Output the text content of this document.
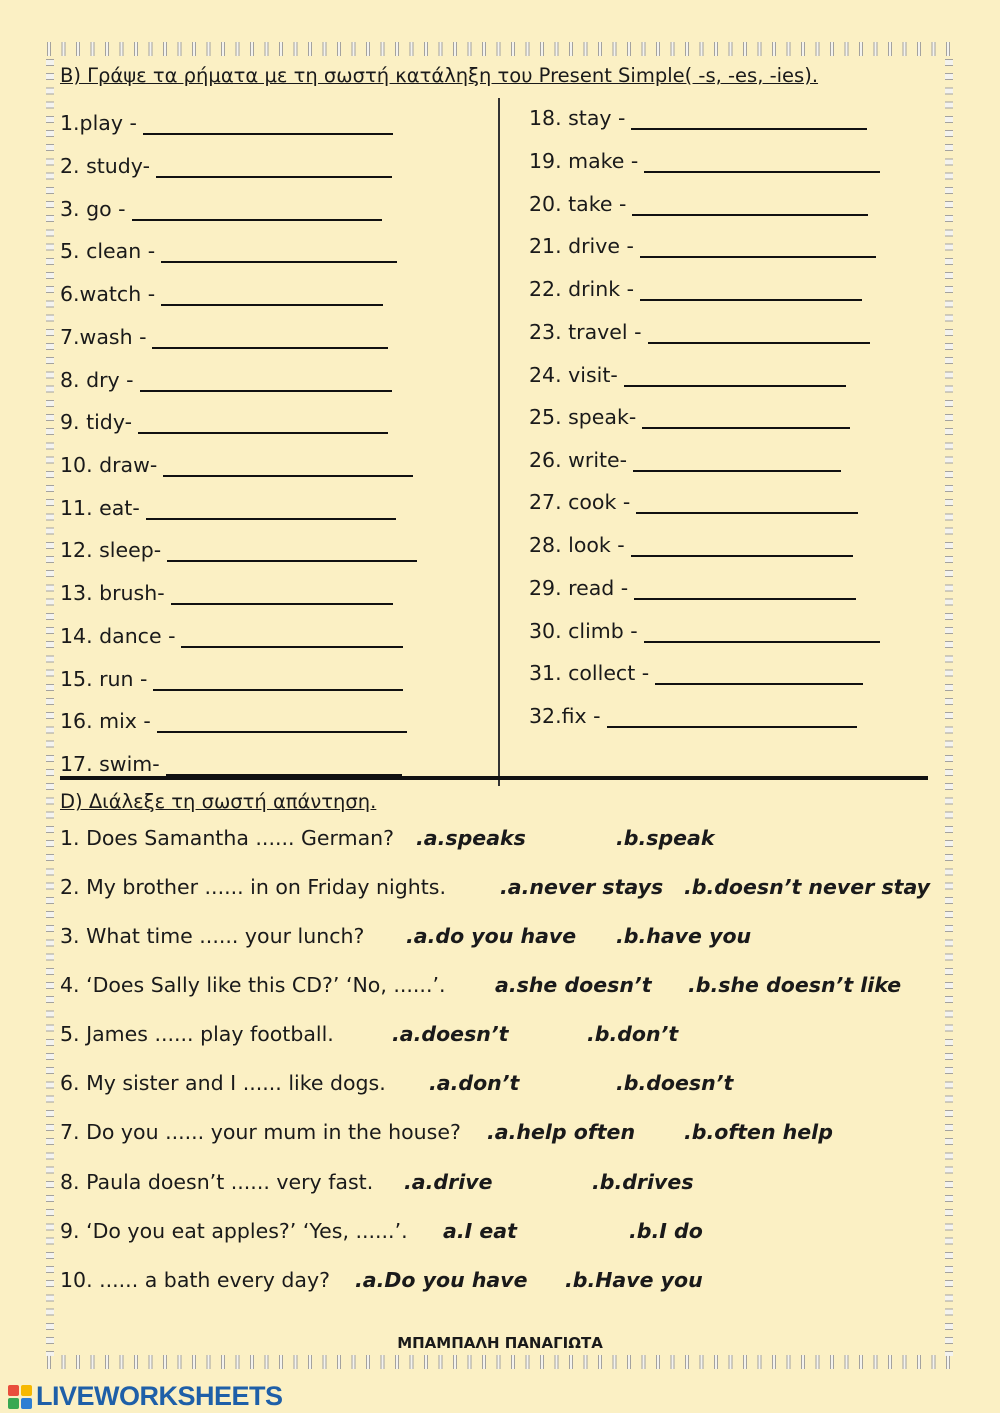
B) Γράψε τα ρήματα με τη σωστή κατάληξη του Present Simple( -s, -es, -ies).
1.play -
2. study-
3. go -
5. clean -
6.watch -
7.wash -
8. dry -
9. tidy-
10. draw-
11. eat-
12. sleep-
13. brush-
14. dance -
15. run -
16. mix -
17. swim-
18. stay -
19. make -
20. take -
21. drive -
22. drink -
23. travel -
24. visit-
25. speak-
26. write-
27. cook -
28. look -
29. read -
30. climb -
31. collect -
32.fix -
D) Διάλεξε τη σωστή απάντηση.
1. Does Samantha ...... German? .a.speaks	.b.speak
2. My brother ...... in on Friday nights.	.a.never stays .b.doesn’t never stay
3. What time ...... your lunch? .a.do you have .b.have you
4. ‘Does Sally like this CD?’ ‘No, ......’. a.she doesn’t .b.she doesn’t like
5. James ...... play football.	.a.doesn’t	.b.don’t
6. My sister and I ...... like dogs. .a.don’t	.b.doesn’t
7. Do you ...... your mum in the house? .a.help often .b.often help
8. Paula doesn’t ...... very fast. .a.drive	.b.drives
9. ‘Do you eat apples?’ ‘Yes, ......’. a.I eat	.b.I do
10. ...... a bath every day? .a.Do you have .b.Have you
ΜΠΑΜΠΑΛΗ ΠΑΝΑΓΙΩΤΑ
LIVEWORKSHEETS
